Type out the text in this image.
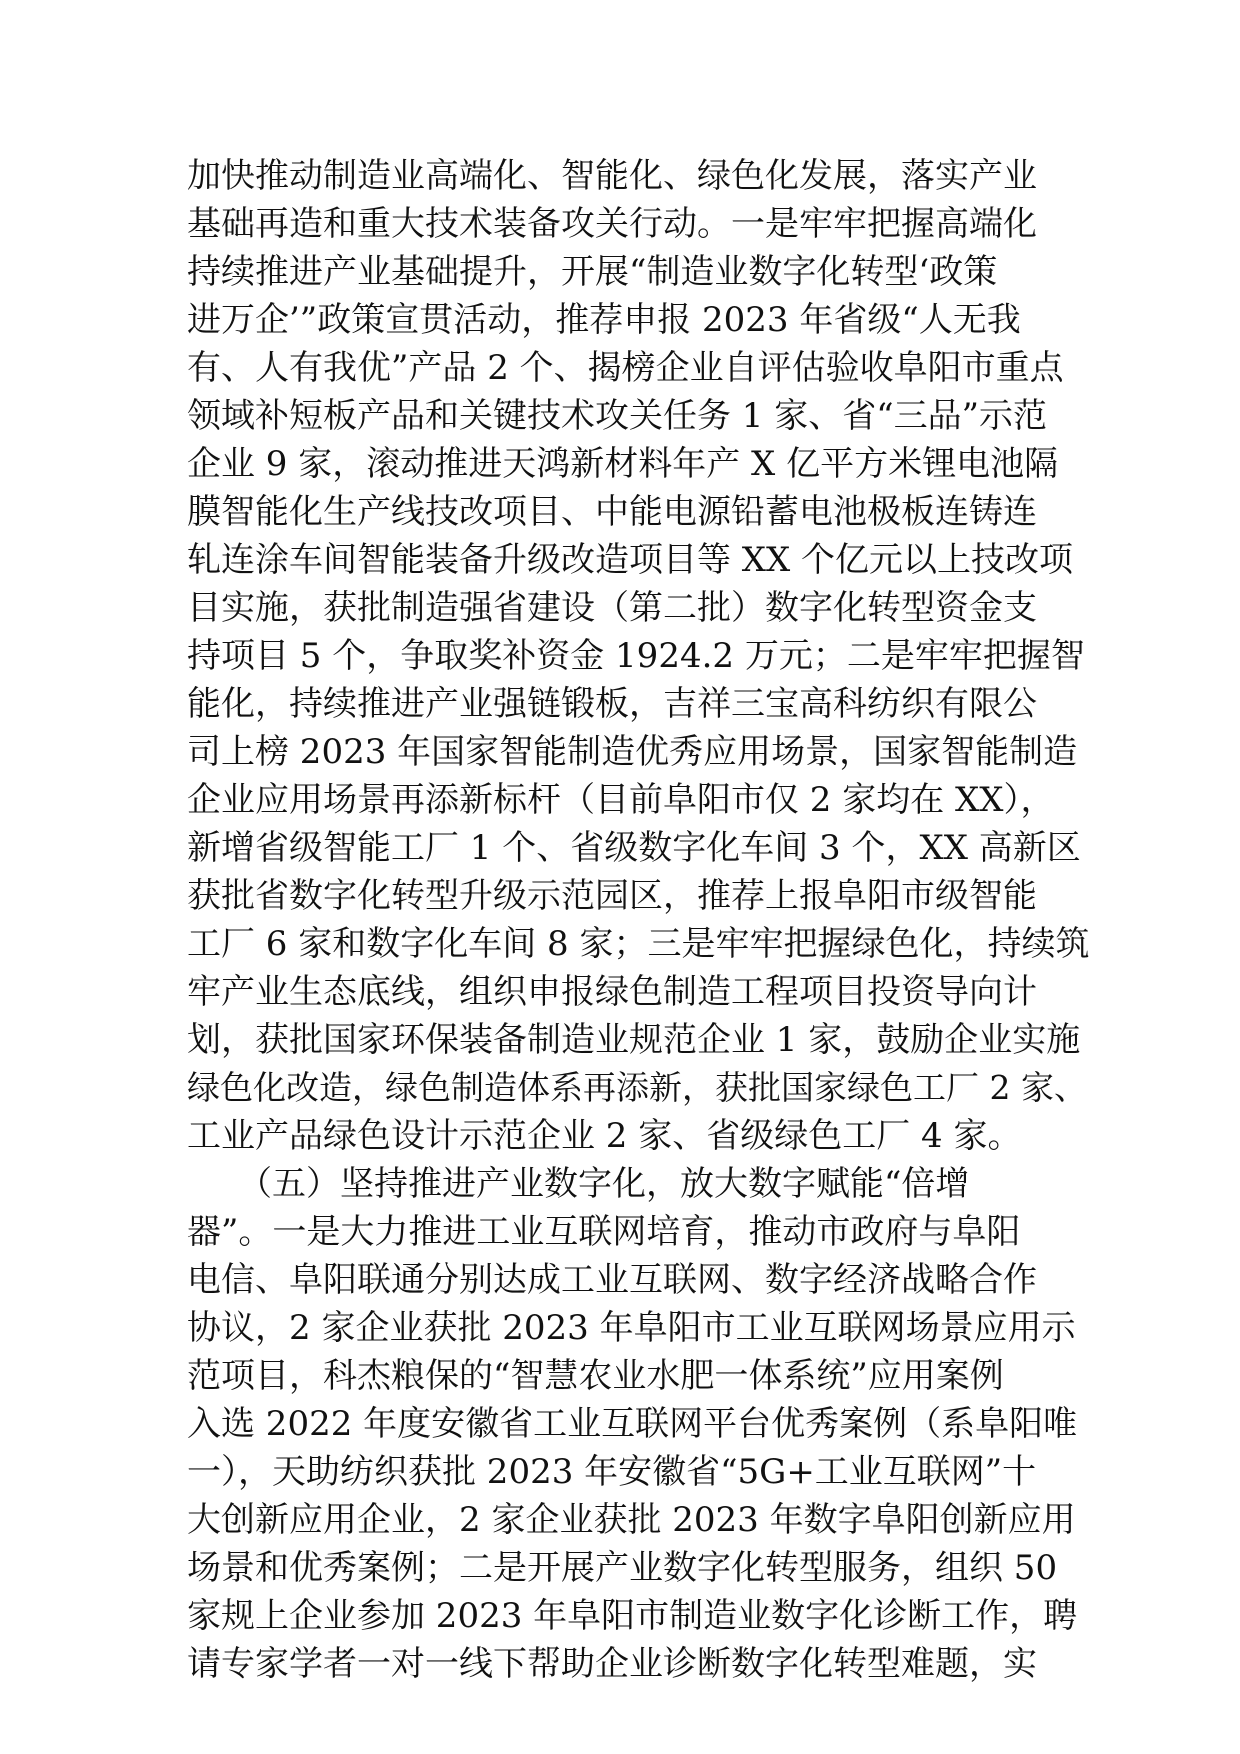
加快推动制造业高端化、智能化、绿色化发展，落实产业
基础再造和重大技术装备攻关行动。一是牢牢把握高端化
持续推进产业基础提升，开展“制造业数字化转型‘政策
进万企’”政策宣贯活动，推荐申报 2023 年省级“人无我
有、人有我优”产品 2 个、揭榜企业自评估验收阜阳市重点
领域补短板产品和关键技术攻关任务 1 家、省“三品”示范
企业 9 家，滚动推进天鸿新材料年产 X 亿平方米锂电池隔
膜智能化生产线技改项目、中能电源铅蓄电池极板连铸连
轧连涂车间智能装备升级改造项目等 XX 个亿元以上技改项
目实施，获批制造强省建设（第二批）数字化转型资金支
持项目 5 个，争取奖补资金 1924.2 万元；二是牢牢把握智
能化，持续推进产业强链锻板，吉祥三宝高科纺织有限公
司上榜 2023 年国家智能制造优秀应用场景，国家智能制造
企业应用场景再添新标杆（目前阜阳市仅 2 家均在 XX），
新增省级智能工厂 1 个、省级数字化车间 3 个，XX 高新区
获批省数字化转型升级示范园区，推荐上报阜阳市级智能
工厂 6 家和数字化车间 8 家；三是牢牢把握绿色化，持续筑
牢产业生态底线，组织申报绿色制造工程项目投资导向计
划，获批国家环保装备制造业规范企业 1 家，鼓励企业实施
绿色化改造，绿色制造体系再添新，获批国家绿色工厂 2 家、
工业产品绿色设计示范企业 2 家、省级绿色工厂 4 家。
　　（五）坚持推进产业数字化，放大数字赋能“倍增
器”。一是大力推进工业互联网培育，推动市政府与阜阳
电信、阜阳联通分别达成工业互联网、数字经济战略合作
协议，2 家企业获批 2023 年阜阳市工业互联网场景应用示
范项目，科杰粮保的“智慧农业水肥一体系统”应用案例
入选 2022 年度安徽省工业互联网平台优秀案例（系阜阳唯
一），天助纺织获批 2023 年安徽省“5G+工业互联网”十
大创新应用企业，2 家企业获批 2023 年数字阜阳创新应用
场景和优秀案例；二是开展产业数字化转型服务，组织 50
家规上企业参加 2023 年阜阳市制造业数字化诊断工作，聘
请专家学者一对一线下帮助企业诊断数字化转型难题，实
